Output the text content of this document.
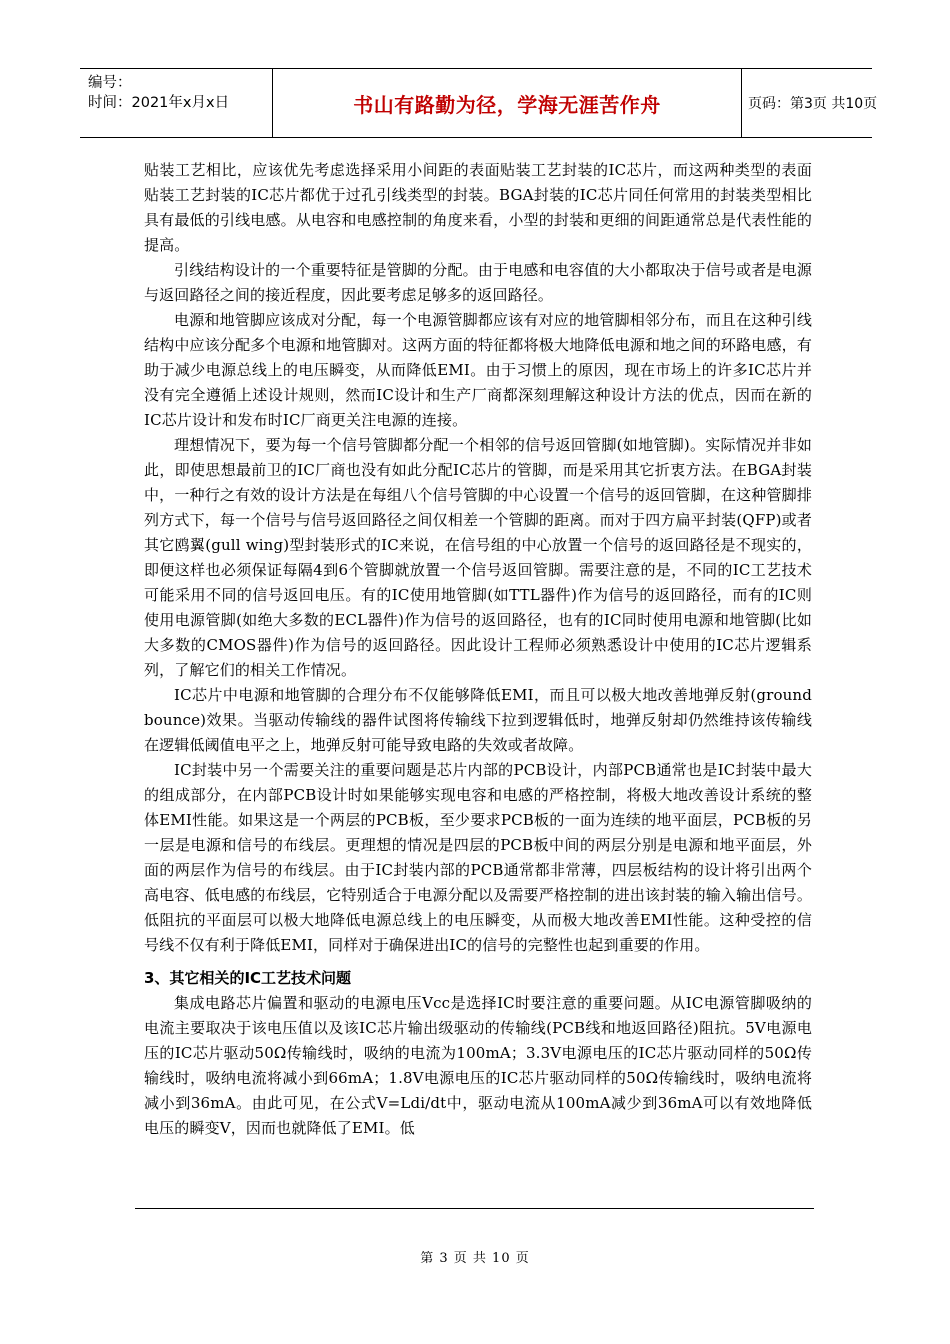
编号：
时间：2021年x月x日	书山有路勤为径，学海无涯苦作舟	页码：第3页 共10页

贴装工艺相比，应该优先考虑选择采用小间距的表面贴装工艺封装的IC芯片，而这两种类型的表面贴装工艺封装的IC芯片都优于过孔引线类型的封装。BGA封装的IC芯片同任何常用的封装类型相比具有最低的引线电感。从电容和电感控制的角度来看，小型的封装和更细的间距通常总是代表性能的提高。

引线结构设计的一个重要特征是管脚的分配。由于电感和电容值的大小都取决于信号或者是电源与返回路径之间的接近程度，因此要考虑足够多的返回路径。

电源和地管脚应该成对分配，每一个电源管脚都应该有对应的地管脚相邻分布，而且在这种引线结构中应该分配多个电源和地管脚对。这两方面的特征都将极大地降低电源和地之间的环路电感，有助于减少电源总线上的电压瞬变，从而降低EMI。由于习惯上的原因，现在市场上的许多IC芯片并没有完全遵循上述设计规则，然而IC设计和生产厂商都深刻理解这种设计方法的优点，因而在新的IC芯片设计和发布时IC厂商更关注电源的连接。

理想情况下，要为每一个信号管脚都分配一个相邻的信号返回管脚(如地管脚)。实际情况并非如此，即使思想最前卫的IC厂商也没有如此分配IC芯片的管脚，而是采用其它折衷方法。在BGA封装中，一种行之有效的设计方法是在每组八个信号管脚的中心设置一个信号的返回管脚，在这种管脚排列方式下，每一个信号与信号返回路径之间仅相差一个管脚的距离。而对于四方扁平封装(QFP)或者其它鸥翼(gull wing)型封装形式的IC来说，在信号组的中心放置一个信号的返回路径是不现实的，即便这样也必须保证每隔4到6个管脚就放置一个信号返回管脚。需要注意的是，不同的IC工艺技术可能采用不同的信号返回电压。有的IC使用地管脚(如TTL器件)作为信号的返回路径，而有的IC则使用电源管脚(如绝大多数的ECL器件)作为信号的返回路径，也有的IC同时使用电源和地管脚(比如大多数的CMOS器件)作为信号的返回路径。因此设计工程师必须熟悉设计中使用的IC芯片逻辑系列，了解它们的相关工作情况。

IC芯片中电源和地管脚的合理分布不仅能够降低EMI，而且可以极大地改善地弹反射(ground bounce)效果。当驱动传输线的器件试图将传输线下拉到逻辑低时，地弹反射却仍然维持该传输线在逻辑低阈值电平之上，地弹反射可能导致电路的失效或者故障。

IC封装中另一个需要关注的重要问题是芯片内部的PCB设计，内部PCB通常也是IC封装中最大的组成部分，在内部PCB设计时如果能够实现电容和电感的严格控制，将极大地改善设计系统的整体EMI性能。如果这是一个两层的PCB板，至少要求PCB板的一面为连续的地平面层，PCB板的另一层是电源和信号的布线层。更理想的情况是四层的PCB板中间的两层分别是电源和地平面层，外面的两层作为信号的布线层。由于IC封装内部的PCB通常都非常薄，四层板结构的设计将引出两个高电容、低电感的布线层，它特别适合于电源分配以及需要严格控制的进出该封装的输入输出信号。低阻抗的平面层可以极大地降低电源总线上的电压瞬变，从而极大地改善EMI性能。这种受控的信号线不仅有利于降低EMI，同样对于确保进出IC的信号的完整性也起到重要的作用。

3、其它相关的IC工艺技术问题

集成电路芯片偏置和驱动的电源电压Vcc是选择IC时要注意的重要问题。从IC电源管脚吸纳的电流主要取决于该电压值以及该IC芯片输出级驱动的传输线(PCB线和地返回路径)阻抗。5V电源电压的IC芯片驱动50Ω传输线时，吸纳的电流为100mA；3.3V电源电压的IC芯片驱动同样的50Ω传输线时，吸纳电流将减小到66mA；1.8V电源电压的IC芯片驱动同样的50Ω传输线时，吸纳电流将减小到36mA。由此可见，在公式V=Ldi/dt中，驱动电流从100mA减少到36mA可以有效地降低电压的瞬变V，因而也就降低了EMI。低

第 3 页 共 10 页
